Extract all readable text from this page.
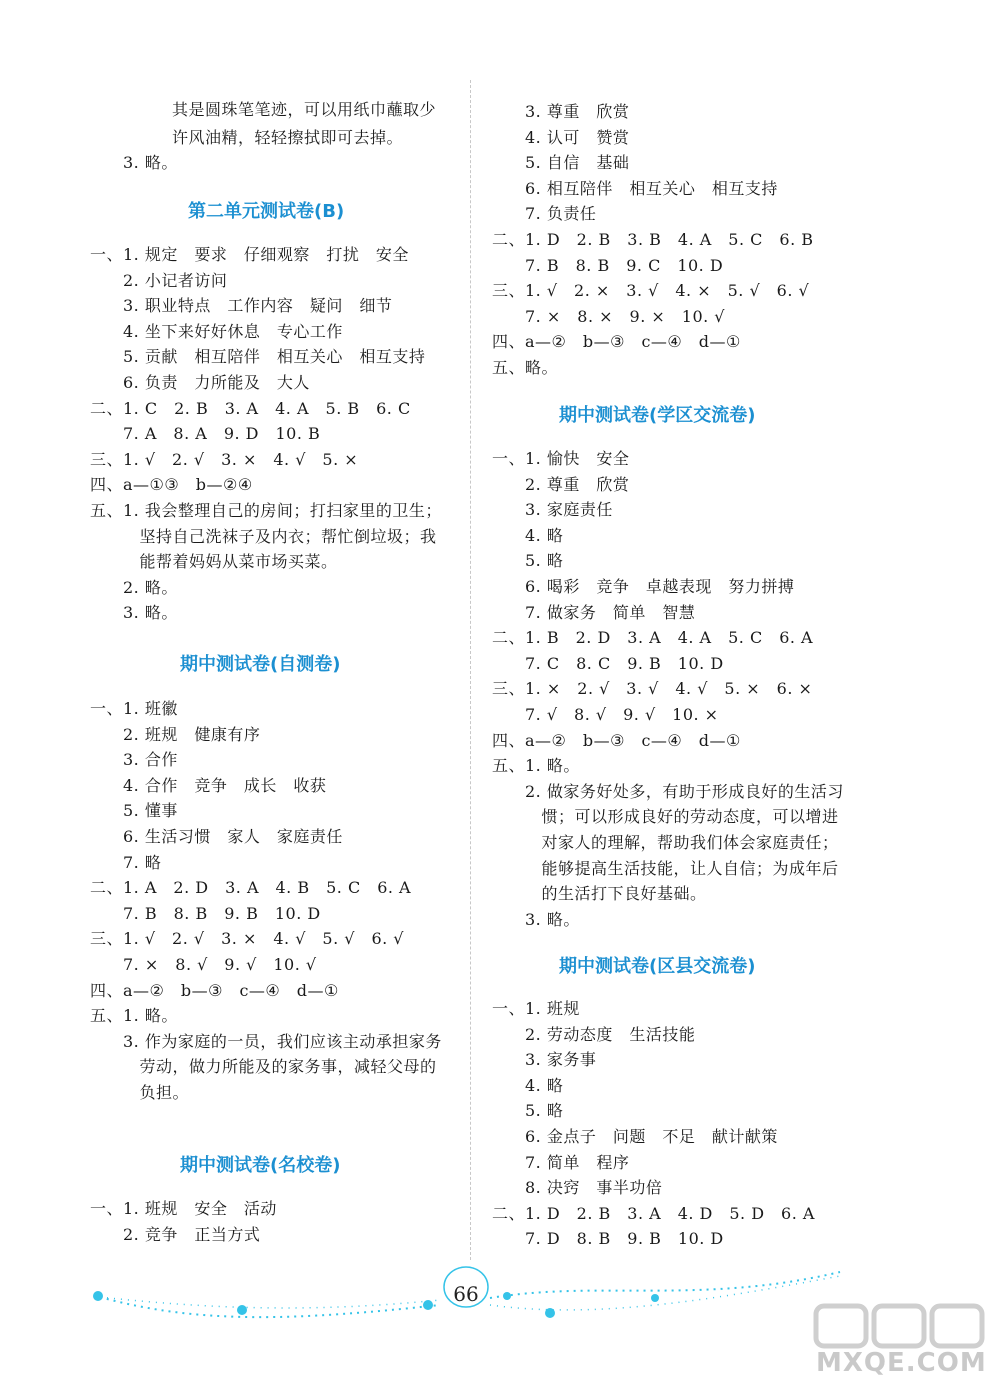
其是圆珠笔笔迹，可以用纸巾蘸取少
许风油精，轻轻擦拭即可去掉。
3. 略。
第二单元测试卷(B)
一、1. 规定　要求　仔细观察　打扰　安全
　　2. 小记者访问
　　3. 职业特点　工作内容　疑问　细节
　　4. 坐下来好好休息　专心工作
　　5. 贡献　相互陪伴　相互关心　相互支持
　　6. 负责　力所能及　大人
二、1. C　2. B　3. A　4. A　5. B　6. C
　　7. A　8. A　9. D　10. B
三、1. √　2. √　3. ×　4. √　5. ×
四、a—①③　b—②④
五、1. 我会整理自己的房间；打扫家里的卫生；
　　　坚持自己洗袜子及内衣；帮忙倒垃圾；我
　　　能帮着妈妈从菜市场买菜。
　　2. 略。
　　3. 略。
期中测试卷(自测卷)
一、1. 班徽
　　2. 班规　健康有序
　　3. 合作
　　4. 合作　竞争　成长　收获
　　5. 懂事
　　6. 生活习惯　家人　家庭责任
　　7. 略
二、1. A　2. D　3. A　4. B　5. C　6. A
　　7. B　8. B　9. B　10. D
三、1. √　2. √　3. ×　4. √　5. √　6. √
　　7. ×　8. √　9. √　10. √
四、a—②　b—③　c—④　d—①
五、1. 略。
　　3. 作为家庭的一员，我们应该主动承担家务
　　　劳动，做力所能及的家务事，减轻父母的
　　　负担。
期中测试卷(名校卷)
一、1. 班规　安全　活动
　　2. 竞争　正当方式
　　3. 尊重　欣赏
　　4. 认可　赞赏
　　5. 自信　基础
　　6. 相互陪伴　相互关心　相互支持
　　7. 负责任
二、1. D　2. B　3. B　4. A　5. C　6. B
　　7. B　8. B　9. C　10. D
三、1. √　2. ×　3. √　4. ×　5. √　6. √
　　7. ×　8. ×　9. ×　10. √
四、a—②　b—③　c—④　d—①
五、略。
期中测试卷(学区交流卷)
一、1. 愉快　安全
　　2. 尊重　欣赏
　　3. 家庭责任
　　4. 略
　　5. 略
　　6. 喝彩　竞争　卓越表现　努力拼搏
　　7. 做家务　简单　智慧
二、1. B　2. D　3. A　4. A　5. C　6. A
　　7. C　8. C　9. B　10. D
三、1. ×　2. √　3. √　4. √　5. ×　6. ×
　　7. √　8. √　9. √　10. ×
四、a—②　b—③　c—④　d—①
五、1. 略。
　　2. 做家务好处多，有助于形成良好的生活习
　　　惯；可以形成良好的劳动态度，可以增进
　　　对家人的理解，帮助我们体会家庭责任；
　　　能够提高生活技能，让人自信；为成年后
　　　的生活打下良好基础。
　　3. 略。
期中测试卷(区县交流卷)
一、1. 班规
　　2. 劳动态度　生活技能
　　3. 家务事
　　4. 略
　　5. 略
　　6. 金点子　问题　不足　献计献策
　　7. 简单　程序
　　8. 决窍　事半功倍
二、1. D　2. B　3. A　4. D　5. D　6. A
　　7. D　8. B　9. B　10. D
66
MXQE.COM
